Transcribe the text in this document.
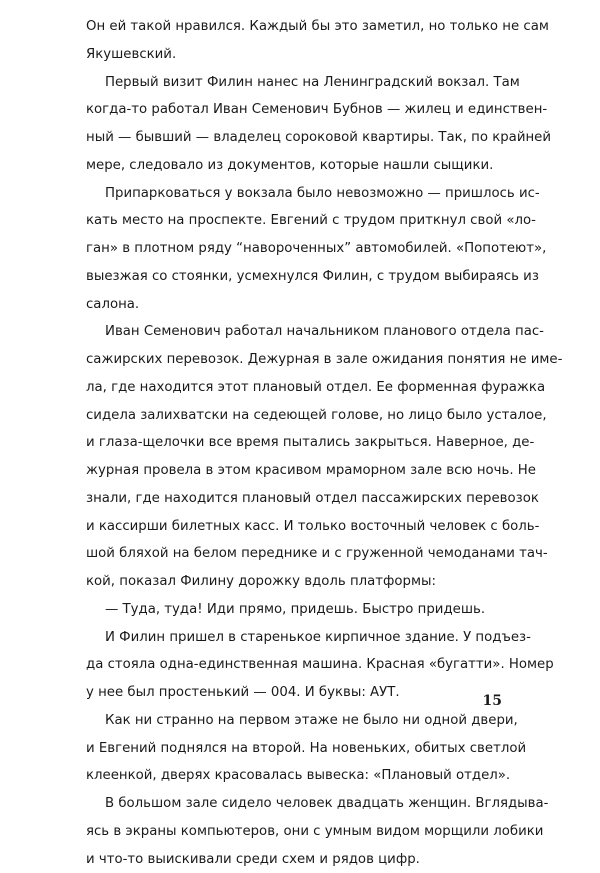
Он ей такой нравился. Каждый бы это заметил, но только не сам
Якушевский.
Первый визит Филин нанес на Ленинградский вокзал. Там
когда-то работал Иван Семенович Бубнов — жилец и единствен-
ный — бывший — владелец сороковой квартиры. Так, по крайней
мере, следовало из документов, которые нашли сыщики.
Припарковаться у вокзала было невозможно — пришлось ис-
кать место на проспекте. Евгений с трудом приткнул свой «ло-
ган» в плотном ряду “навороченных” автомобилей. «Попотеют»,
выезжая со стоянки, усмехнулся Филин, с трудом выбираясь из
салона.
Иван Семенович работал начальником планового отдела пас-
сажирских перевозок. Дежурная в зале ожидания понятия не име-
ла, где находится этот плановый отдел. Ее форменная фуражка
сидела залихватски на седеющей голове, но лицо было усталое,
и глаза-щелочки все время пытались закрыться. Наверное, де-
журная провела в этом красивом мраморном зале всю ночь. Не
знали, где находится плановый отдел пассажирских перевозок
и кассирши билетных касс. И только восточный человек с боль-
шой бляхой на белом переднике и с груженной чемоданами тач-
кой, показал Филину дорожку вдоль платформы:
— Туда, туда! Иди прямо, придешь. Быстро придешь.
И Филин пришел в старенькое кирпичное здание. У подъез-
да стояла одна-единственная машина. Красная «бугатти». Номер
у нее был простенький — 004. И буквы: АУТ.
Как ни странно на первом этаже не было ни одной двери,
и Евгений поднялся на второй. На новеньких, обитых светлой
клеенкой, дверях красовалась вывеска: «Плановый отдел».
В большом зале сидело человек двадцать женщин. Вглядыва-
ясь в экраны компьютеров, они с умным видом морщили лобики
и что-то выискивали среди схем и рядов цифр.
15
